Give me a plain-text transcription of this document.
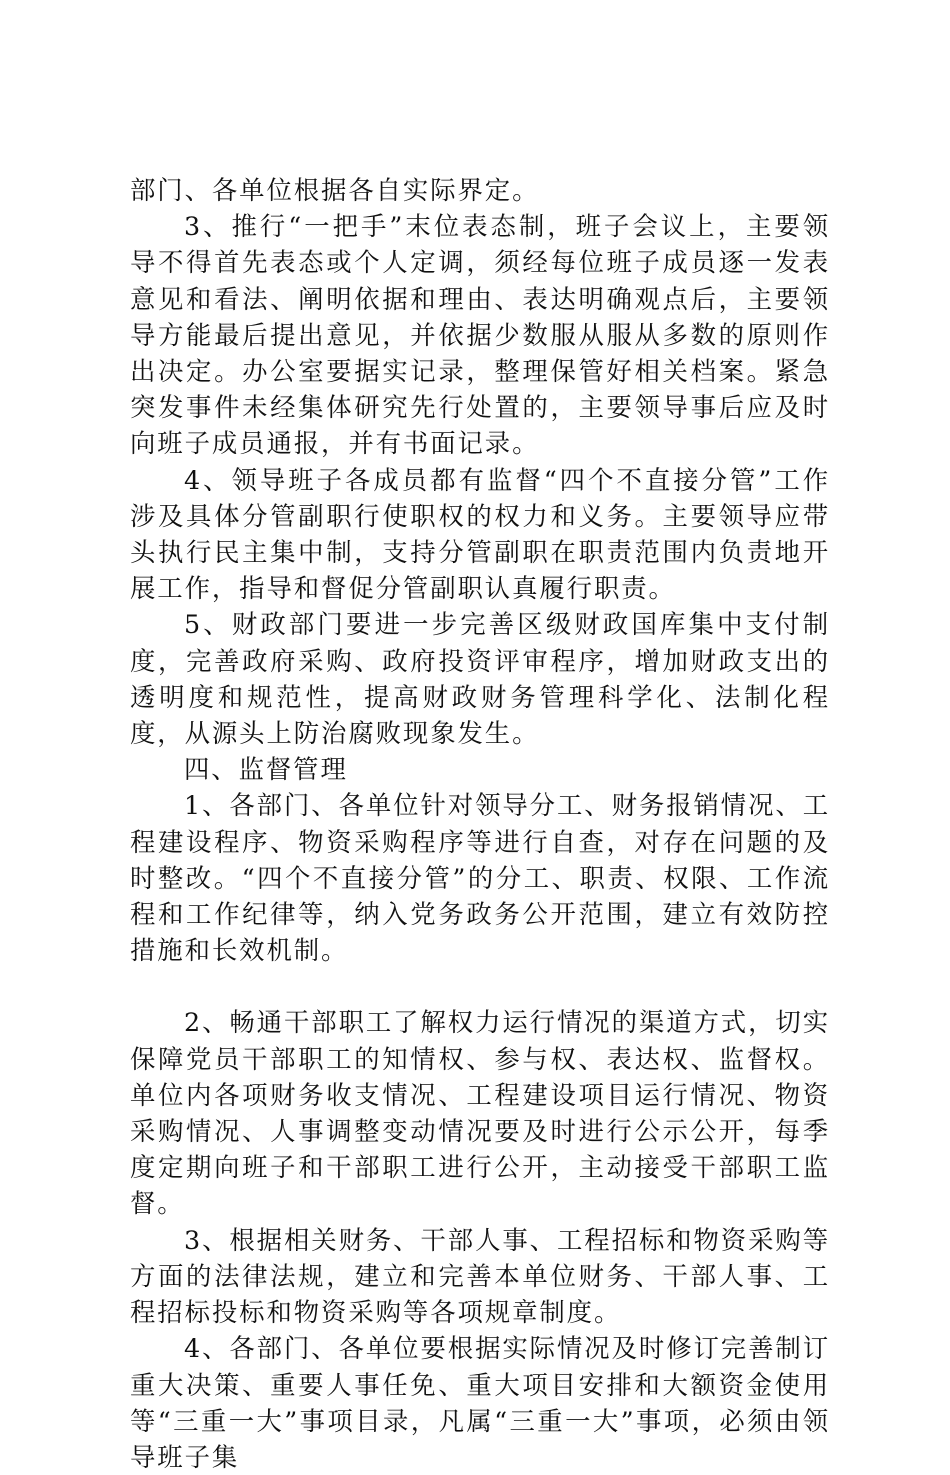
部门、各单位根据各自实际界定。

3、推行“一把手”末位表态制，班子会议上，主要领导不得首先表态或个人定调，须经每位班子成员逐一发表意见和看法、阐明依据和理由、表达明确观点后，主要领导方能最后提出意见，并依据少数服从服从多数的原则作出决定。办公室要据实记录，整理保管好相关档案。紧急突发事件未经集体研究先行处置的，主要领导事后应及时向班子成员通报，并有书面记录。

4、领导班子各成员都有监督“四个不直接分管”工作涉及具体分管副职行使职权的权力和义务。主要领导应带头执行民主集中制，支持分管副职在职责范围内负责地开展工作，指导和督促分管副职认真履行职责。

5、财政部门要进一步完善区级财政国库集中支付制度，完善政府采购、政府投资评审程序，增加财政支出的透明度和规范性，提高财政财务管理科学化、法制化程度，从源头上防治腐败现象发生。

四、监督管理

1、各部门、各单位针对领导分工、财务报销情况、工程建设程序、物资采购程序等进行自查，对存在问题的及时整改。“四个不直接分管”的分工、职责、权限、工作流程和工作纪律等，纳入党务政务公开范围，建立有效防控措施和长效机制。

2、畅通干部职工了解权力运行情况的渠道方式，切实保障党员干部职工的知情权、参与权、表达权、监督权。单位内各项财务收支情况、工程建设项目运行情况、物资采购情况、人事调整变动情况要及时进行公示公开，每季度定期向班子和干部职工进行公开，主动接受干部职工监督。

3、根据相关财务、干部人事、工程招标和物资采购等方面的法律法规，建立和完善本单位财务、干部人事、工程招标投标和物资采购等各项规章制度。

4、各部门、各单位要根据实际情况及时修订完善制订重大决策、重要人事任免、重大项目安排和大额资金使用等“三重一大”事项目录，凡属“三重一大”事项，必须由领导班子集
